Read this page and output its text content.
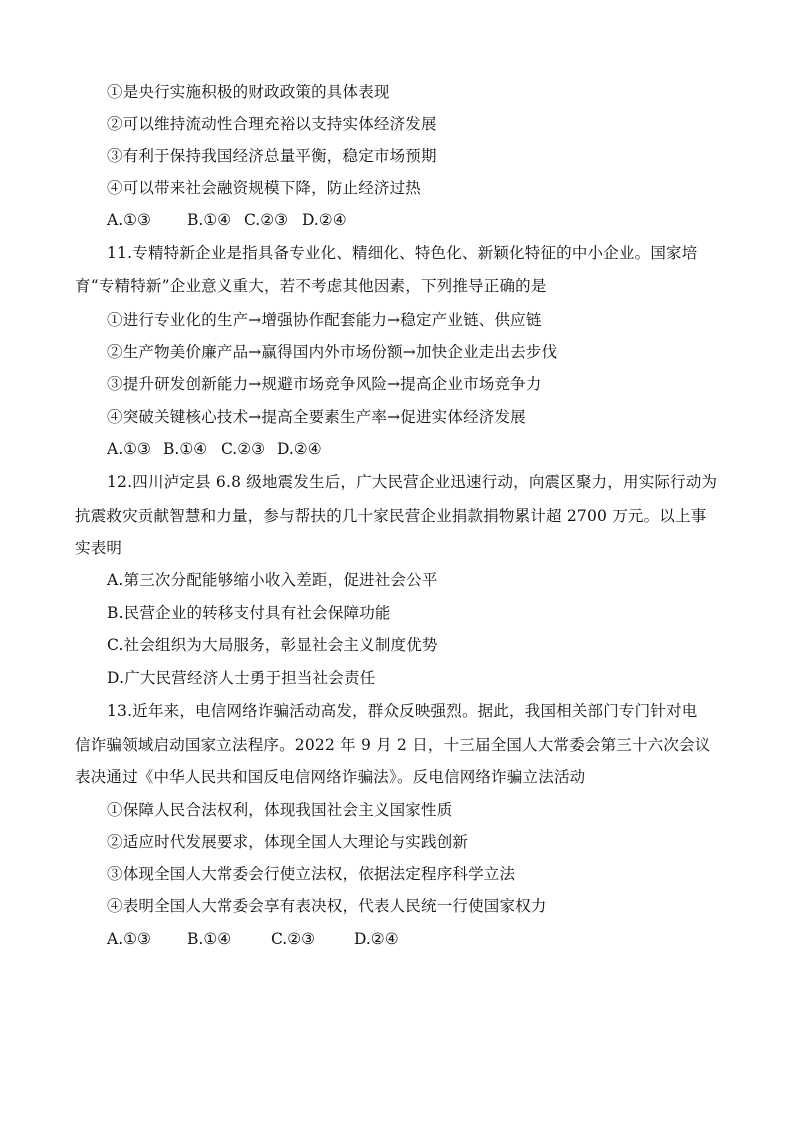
①是央行实施积极的财政政策的具体表现
②可以维持流动性合理充裕以支持实体经济发展
③有利于保持我国经济总量平衡，稳定市场预期
④可以带来社会融资规模下降，防止经济过热
A.①③ B.①④ C.②③ D.②④
11.专精特新企业是指具备专业化、精细化、特色化、新颖化特征的中小企业。国家培
育“专精特新”企业意义重大，若不考虑其他因素，下列推导正确的是
①进行专业化的生产→增强协作配套能力→稳定产业链、供应链
②生产物美价廉产品→赢得国内外市场份额→加快企业走出去步伐
③提升研发创新能力→规避市场竞争风险→提高企业市场竞争力
④突破关键核心技术→提高全要素生产率→促进实体经济发展
A.①③ B.①④ C.②③ D.②④
12.四川泸定县 6.8 级地震发生后，广大民营企业迅速行动，向震区聚力，用实际行动为
抗震救灾贡献智慧和力量，参与帮扶的几十家民营企业捐款捐物累计超 2700 万元。以上事
实表明
A.第三次分配能够缩小收入差距，促进社会公平
B.民营企业的转移支付具有社会保障功能
C.社会组织为大局服务，彰显社会主义制度优势
D.广大民营经济人士勇于担当社会责任
13.近年来，电信网络诈骗活动高发，群众反映强烈。据此，我国相关部门专门针对电
信诈骗领域启动国家立法程序。2022 年 9 月 2 日，十三届全国人大常委会第三十六次会议
表决通过《中华人民共和国反电信网络诈骗法》。反电信网络诈骗立法活动
①保障人民合法权利，体现我国社会主义国家性质
②适应时代发展要求，体现全国人大理论与实践创新
③体现全国人大常委会行使立法权，依据法定程序科学立法
④表明全国人大常委会享有表决权，代表人民统一行使国家权力
A.①③ B.①④	C.②③	D.②④
